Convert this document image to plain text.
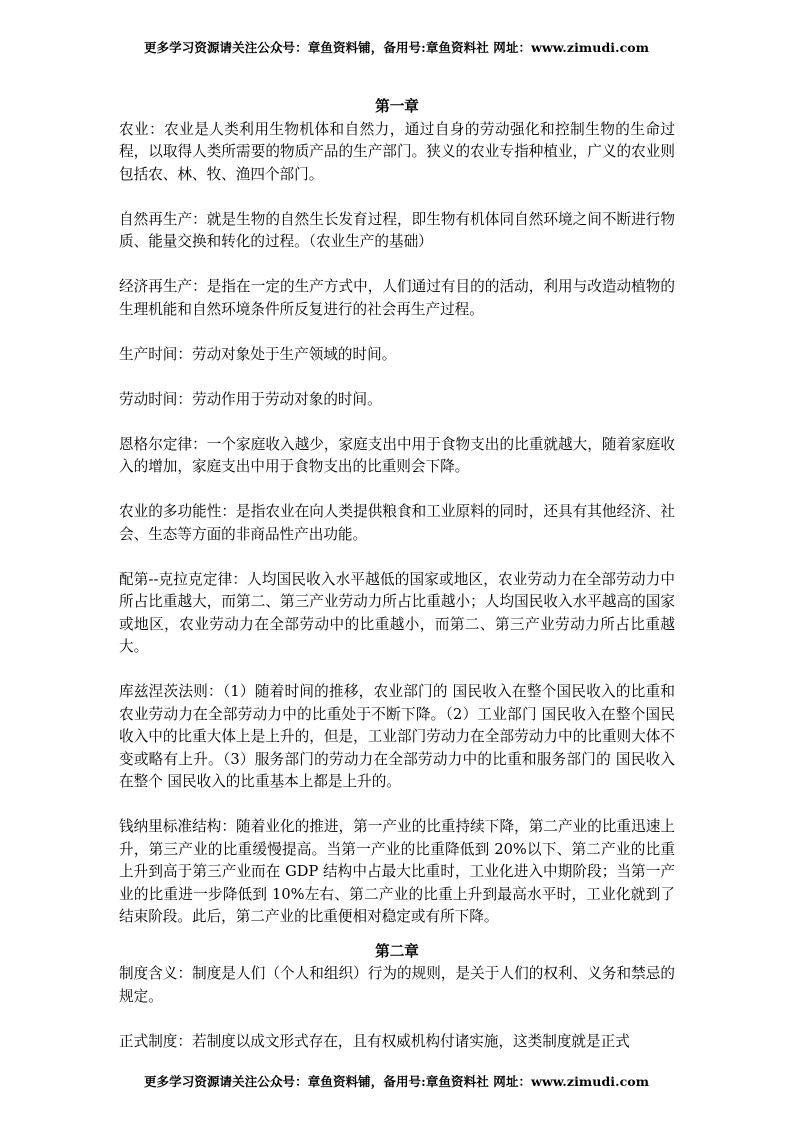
更多学习资源请关注公众号：章鱼资料铺，备用号:章鱼资料社 网址：www.zimudi.com
第一章

农业：农业是人类利用生物机体和自然力，通过自身的劳动强化和控制生物的生命过程，以取得人类所需要的物质产品的生产部门。狭义的农业专指种植业，广义的农业则包括农、林、牧、渔四个部门。

自然再生产：就是生物的自然生长发育过程，即生物有机体同自然环境之间不断进行物质、能量交换和转化的过程。（农业生产的基础）

经济再生产：是指在一定的生产方式中，人们通过有目的的活动，利用与改造动植物的生理机能和自然环境条件所反复进行的社会再生产过程。

生产时间：劳动对象处于生产领域的时间。

劳动时间：劳动作用于劳动对象的时间。

恩格尔定律：一个家庭收入越少，家庭支出中用于食物支出的比重就越大，随着家庭收入的增加，家庭支出中用于食物支出的比重则会下降。

农业的多功能性：是指农业在向人类提供粮食和工业原料的同时，还具有其他经济、社会、生态等方面的非商品性产出功能。

配第--克拉克定律：人均国民收入水平越低的国家或地区，农业劳动力在全部劳动力中所占比重越大，而第二、第三产业劳动力所占比重越小；人均国民收入水平越高的国家或地区，农业劳动力在全部劳动中的比重越小，而第二、第三产业劳动力所占比重越大。

库兹涅茨法则：（1）随着时间的推移，农业部门的 国民收入在整个国民收入的比重和 农业劳动力在全部劳动力中的比重处于不断下降。（2）工业部门 国民收入在整个国民收入中的比重大体上是上升的，但是，工业部门劳动力在全部劳动力中的比重则大体不变或略有上升。（3）服务部门的劳动力在全部劳动力中的比重和服务部门的 国民收入在整个 国民收入的比重基本上都是上升的。

钱纳里标准结构：随着业化的推进，第一产业的比重持续下降，第二产业的比重迅速上升，第三产业的比重缓慢提高。当第一产业的比重降低到 20%以下、第二产业的比重上升到高于第三产业而在 GDP 结构中占最大比重时，工业化进入中期阶段；当第一产业的比重进一步降低到 10%左右、第二产业的比重上升到最高水平时，工业化就到了结束阶段。此后，第二产业的比重便相对稳定或有所下降。

第二章

制度含义：制度是人们（个人和组织）行为的规则，是关于人们的权利、义务和禁忌的规定。

正式制度：若制度以成文形式存在，且有权威机构付诸实施，这类制度就是正式

更多学习资源请关注公众号：章鱼资料铺，备用号:章鱼资料社 网址：www.zimudi.com
